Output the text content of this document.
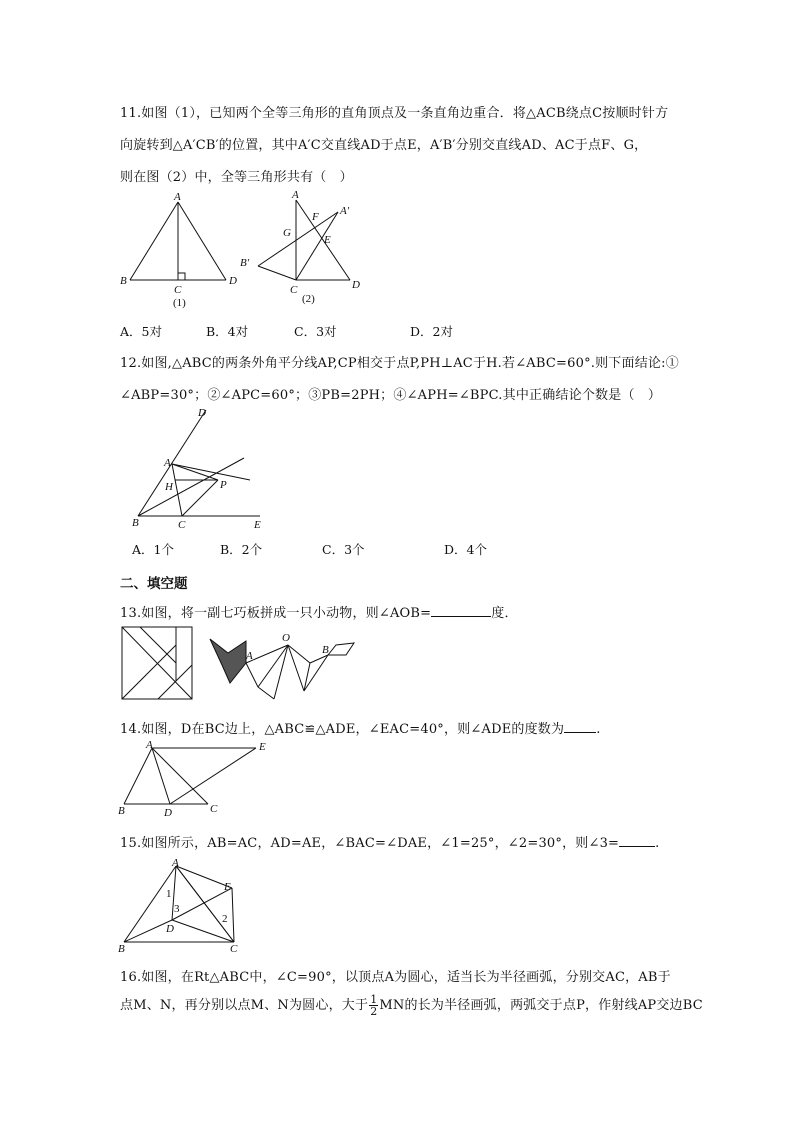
11.如图（1），已知两个全等三角形的直角顶点及一条直角边重合．将△ACB绕点C按顺时针方
向旋转到△A′CB′的位置，其中A′C交直线AD于点E，A′B′分别交直线AD、AC于点F、G，
则在图（2）中，全等三角形共有（　）
A
B
C
D
(1)
A
A′
F
G
E
B′
C	D
(2)
A．5对	B．4对	C．3对	D．2对
12.如图,△ABC的两条外角平分线AP,CP相交于点P,PH⊥AC于H.若∠ABC=60°.则下面结论:①
∠ABP=30°；②∠APC=60°；③PB=2PH；④∠APH=∠BPC.其中正确结论个数是（　）
D
A
H	P
B	C	E
A．1个	B．2个	C．3个	D．4个
二、填空题
13.如图，将一副七巧板拼成一只小动物，则∠AOB=	度．
A
O
B
14.如图，D在BC边上，△ABC≌△ADE，∠EAC=40°，则∠ADE的度数为 .
A	E
B	D	C
15.如图所示，AB=AC，AD=AE，∠BAC=∠DAE，∠1=25°，∠2=30°，则∠3=	.
A
E
1
3
2
D
B	C
16.如图，在Rt△ABC中，∠C=90°，以顶点A为圆心，适当长为半径画弧，分别交AC，AB于
点M、N，再分别以点M、N为圆心，大于 $\frac{1}{2}$ MN的长为半径画弧，两弧交于点P，作射线AP交边BC
